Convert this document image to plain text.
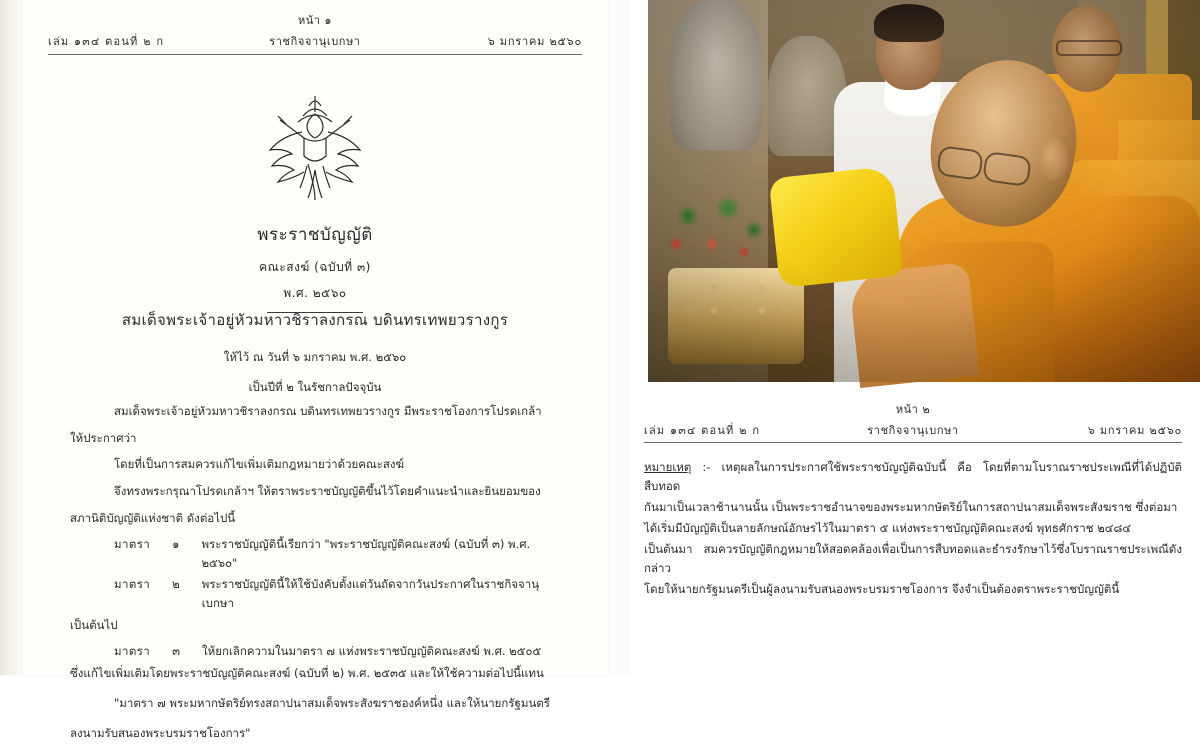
หน้า ๑
เล่ม ๑๓๔ ตอนที่ ๒ ก	ราชกิจจานุเบกษา	๖ มกราคม ๒๕๖๐
พระราชบัญญัติ
คณะสงฆ์ (ฉบับที่ ๓)
พ.ศ. ๒๕๖๐
สมเด็จพระเจ้าอยู่หัวมหาวชิราลงกรณ บดินทรเทพยวรางกูร
ให้ไว้ ณ วันที่ ๖ มกราคม พ.ศ. ๒๕๖๐
เป็นปีที่ ๒ ในรัชกาลปัจจุบัน

สมเด็จพระเจ้าอยู่หัวมหาวชิราลงกรณ บดินทรเทพยวรางกูร มีพระราชโองการโปรดเกล้า

ให้ประกาศว่า

โดยที่เป็นการสมควรแก้ไขเพิ่มเติมกฎหมายว่าด้วยคณะสงฆ์

จึงทรงพระกรุณาโปรดเกล้าฯ ให้ตราพระราชบัญญัติขึ้นไว้โดยคำแนะนำและยินยอมของ

สภานิติบัญญัติแห่งชาติ ดังต่อไปนี้

มาตรา	๑	พระราชบัญญัตินี้เรียกว่า "พระราชบัญญัติคณะสงฆ์ (ฉบับที่ ๓) พ.ศ. ๒๕๖๐"
มาตรา	๒	พระราชบัญญัตินี้ให้ใช้บังคับตั้งแต่วันถัดจากวันประกาศในราชกิจจานุเบกษา

เป็นต้นไป

มาตรา	๓	ให้ยกเลิกความในมาตรา ๗ แห่งพระราชบัญญัติคณะสงฆ์ พ.ศ. ๒๕๐๕

ซึ่งแก้ไขเพิ่มเติมโดยพระราชบัญญัติคณะสงฆ์ (ฉบับที่ ๒) พ.ศ. ๒๕๓๕ และให้ใช้ความต่อไปนี้แทน

"มาตรา ๗ พระมหากษัตริย์ทรงสถาปนาสมเด็จพระสังฆราชองค์หนึ่ง และให้นายกรัฐมนตรี

ลงนามรับสนองพระบรมราชโองการ"

หน้า ๒
เล่ม ๑๓๔ ตอนที่ ๒ ก	ราชกิจจานุเบกษา	๖ มกราคม ๒๕๖๐

หมายเหตุ :- เหตุผลในการประกาศใช้พระราชบัญญัติฉบับนี้ คือ โดยที่ตามโบราณราชประเพณีที่ได้ปฏิบัติสืบทอด

กันมาเป็นเวลาช้านานนั้น เป็นพระราชอำนาจของพระมหากษัตริย์ในการสถาปนาสมเด็จพระสังฆราช ซึ่งต่อมา

ได้เริ่มมีบัญญัติเป็นลายลักษณ์อักษรไว้ในมาตรา ๕ แห่งพระราชบัญญัติคณะสงฆ์ พุทธศักราช ๒๔๘๔

เป็นต้นมา สมควรบัญญัติกฎหมายให้สอดคล้องเพื่อเป็นการสืบทอดและธำรงรักษาไว้ซึ่งโบราณราชประเพณีดังกล่าว

โดยให้นายกรัฐมนตรีเป็นผู้ลงนามรับสนองพระบรมราชโองการ จึงจำเป็นต้องตราพระราชบัญญัตินี้
